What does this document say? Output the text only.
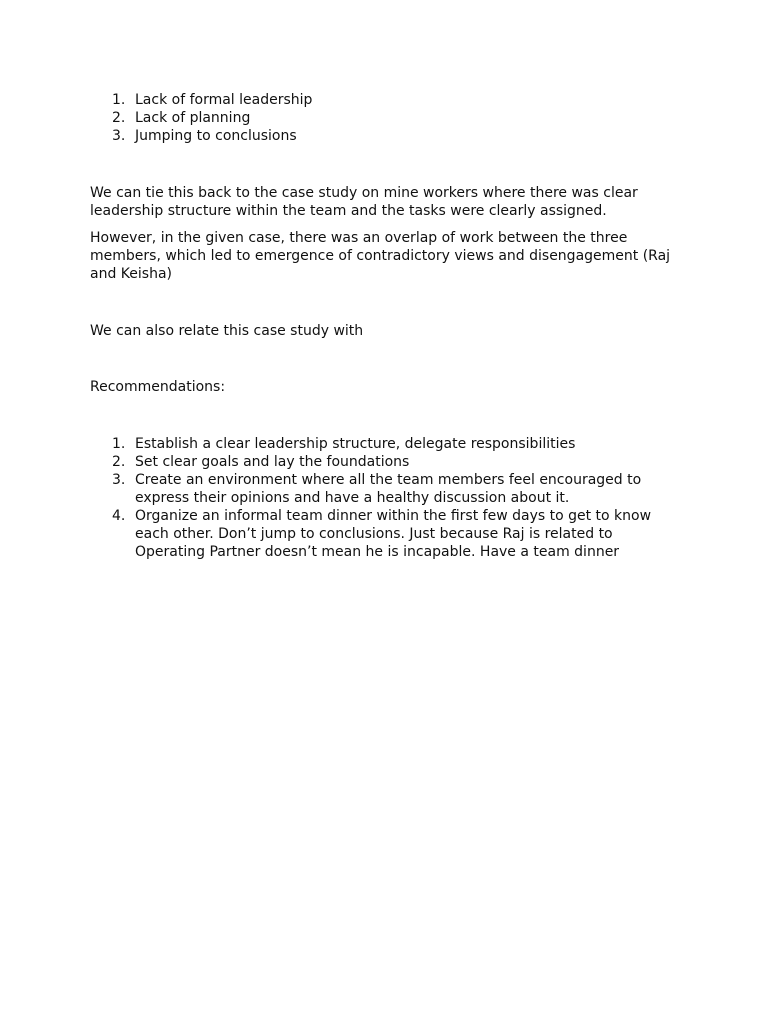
1. Lack of formal leadership
2. Lack of planning
3. Jumping to conclusions

We can tie this back to the case study on mine workers where there was clear leadership structure within the team and the tasks were clearly assigned.

However, in the given case, there was an overlap of work between the three members, which led to emergence of contradictory views and disengagement (Raj and Keisha)

We can also relate this case study with

Recommendations:

1. Establish a clear leadership structure, delegate responsibilities
2. Set clear goals and lay the foundations
3. Create an environment where all the team members feel encouraged to express their opinions and have a healthy discussion about it.
4. Organize an informal team dinner within the first few days to get to know each other. Don’t jump to conclusions. Just because Raj is related to Operating Partner doesn’t mean he is incapable. Have a team dinner
